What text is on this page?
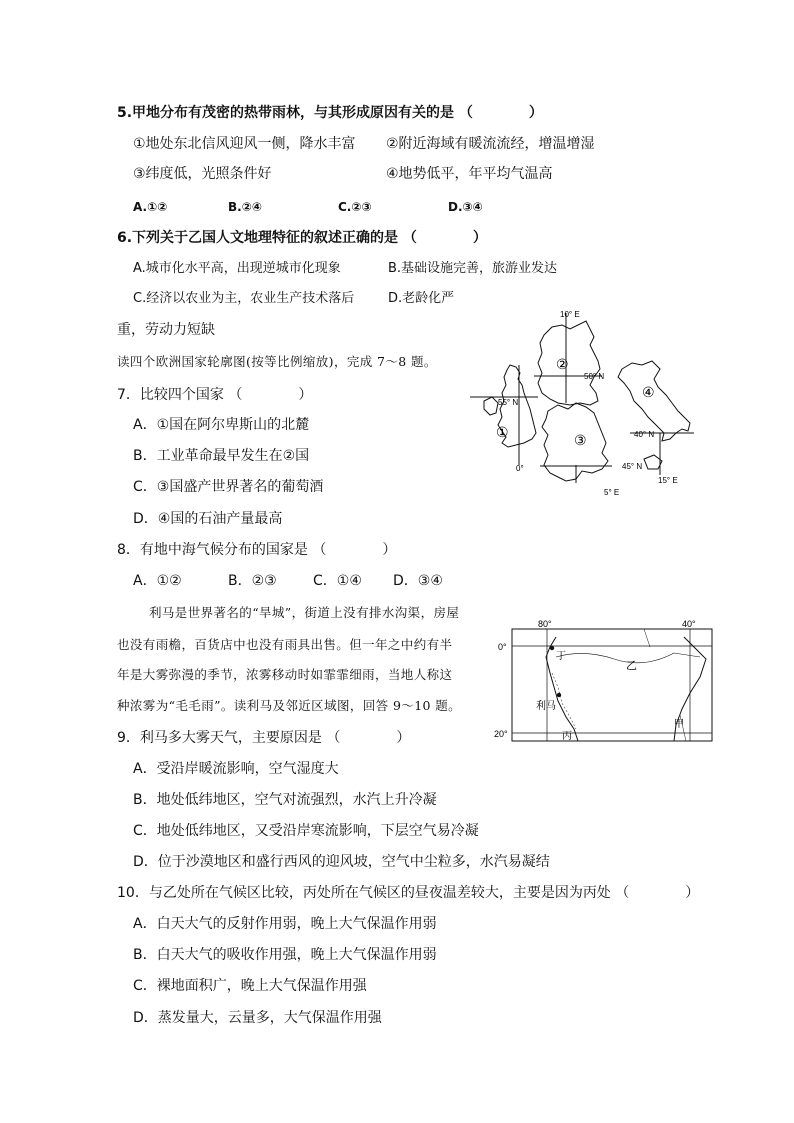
5.甲地分布有茂密的热带雨林，与其形成原因有关的是 （　　　　）
①地处东北信风迎风一侧，降水丰富 ②附近海域有暖流流经，增温增湿
③纬度低，光照条件好	④地势低平，年平均气温高
A.①②	B.②④	C.②③	D.③④
6.下列关于乙国人文地理特征的叙述正确的是 （　　　　）
A.城市化水平高，出现逆城市化现象	B.基础设施完善，旅游业发达
C.经济以农业为主，农业生产技术落后	D.老龄化严
重，劳动力短缺
读四个欧洲国家轮廓图(按等比例缩放)，完成 7～8 题。
7．比较四个国家 （　　　　）
A．①国在阿尔卑斯山的北麓
B．工业革命最早发生在②国
C．③国盛产世界著名的葡萄酒
D．④国的石油产量最高
8．有地中海气候分布的国家是 （　　　　）
A．①②	B．②③	C．①④ D．③④
利马是世界著名的“旱城”，街道上没有排水沟渠，房屋
也没有雨檐，百货店中也没有雨具出售。但一年之中约有半
年是大雾弥漫的季节，浓雾移动时如霏霏细雨，当地人称这
种浓雾为“毛毛雨”。读利马及邻近区域图，回答 9～10 题。
9．利马多大雾天气，主要原因是 （　　　　）
A．受沿岸暖流影响，空气湿度大
B．地处低纬地区，空气对流强烈，水汽上升冷凝
C．地处低纬地区，又受沿岸寒流影响，下层空气易冷凝
D．位于沙漠地区和盛行西风的迎风坡，空气中尘粒多，水汽易凝结
10．与乙处所在气候区比较，丙处所在气候区的昼夜温差较大，主要是因为丙处 （　　　　）
A．白天大气的反射作用弱，晚上大气保温作用弱
B．白天大气的吸收作用强，晚上大气保温作用弱
C．裸地面积广，晚上大气保温作用强
D．蒸发量大，云量多，大气保温作用强
10° E
50° N
55° N
0°	45° N
5° E
40° N
15° E
①
②
③
④
80°	40°
0°
20°
丁
乙
利马
丙
甲
